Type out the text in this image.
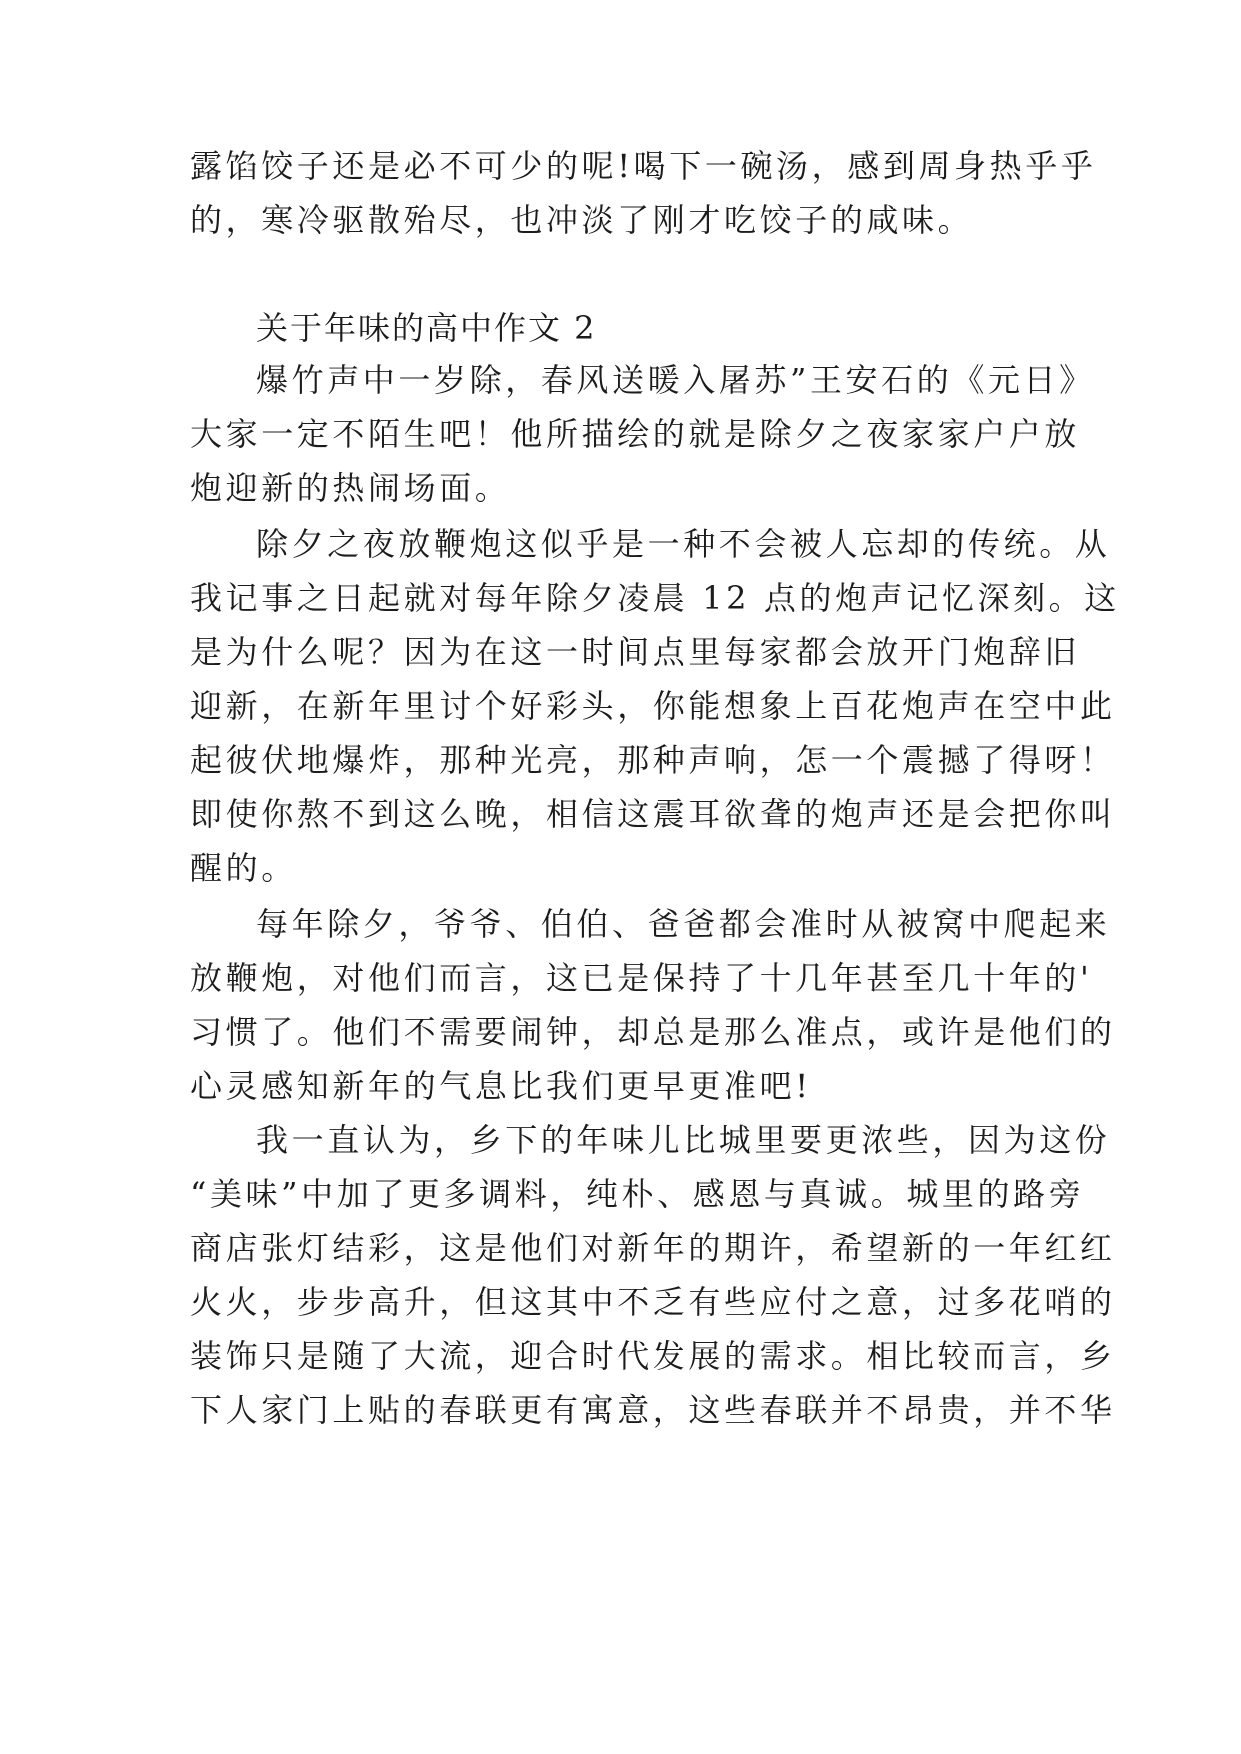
露馅饺子还是必不可少的呢!喝下一碗汤，感到周身热乎乎
的，寒冷驱散殆尽，也冲淡了刚才吃饺子的咸味。
关于年味的高中作文 2
爆竹声中一岁除，春风送暖入屠苏”王安石的《元日》
大家一定不陌生吧！他所描绘的就是除夕之夜家家户户放
炮迎新的热闹场面。
除夕之夜放鞭炮这似乎是一种不会被人忘却的传统。从
我记事之日起就对每年除夕凌晨 12 点的炮声记忆深刻。这
是为什么呢？因为在这一时间点里每家都会放开门炮辞旧
迎新，在新年里讨个好彩头，你能想象上百花炮声在空中此
起彼伏地爆炸，那种光亮，那种声响，怎一个震撼了得呀！
即使你熬不到这么晚，相信这震耳欲聋的炮声还是会把你叫
醒的。
每年除夕，爷爷、伯伯、爸爸都会准时从被窝中爬起来
放鞭炮，对他们而言，这已是保持了十几年甚至几十年的'
习惯了。他们不需要闹钟，却总是那么准点，或许是他们的
心灵感知新年的气息比我们更早更准吧!
我一直认为，乡下的年味儿比城里要更浓些，因为这份
“美味”中加了更多调料，纯朴、感恩与真诚。城里的路旁
商店张灯结彩，这是他们对新年的期许，希望新的一年红红
火火，步步高升，但这其中不乏有些应付之意，过多花哨的
装饰只是随了大流，迎合时代发展的需求。相比较而言，乡
下人家门上贴的春联更有寓意，这些春联并不昂贵，并不华
